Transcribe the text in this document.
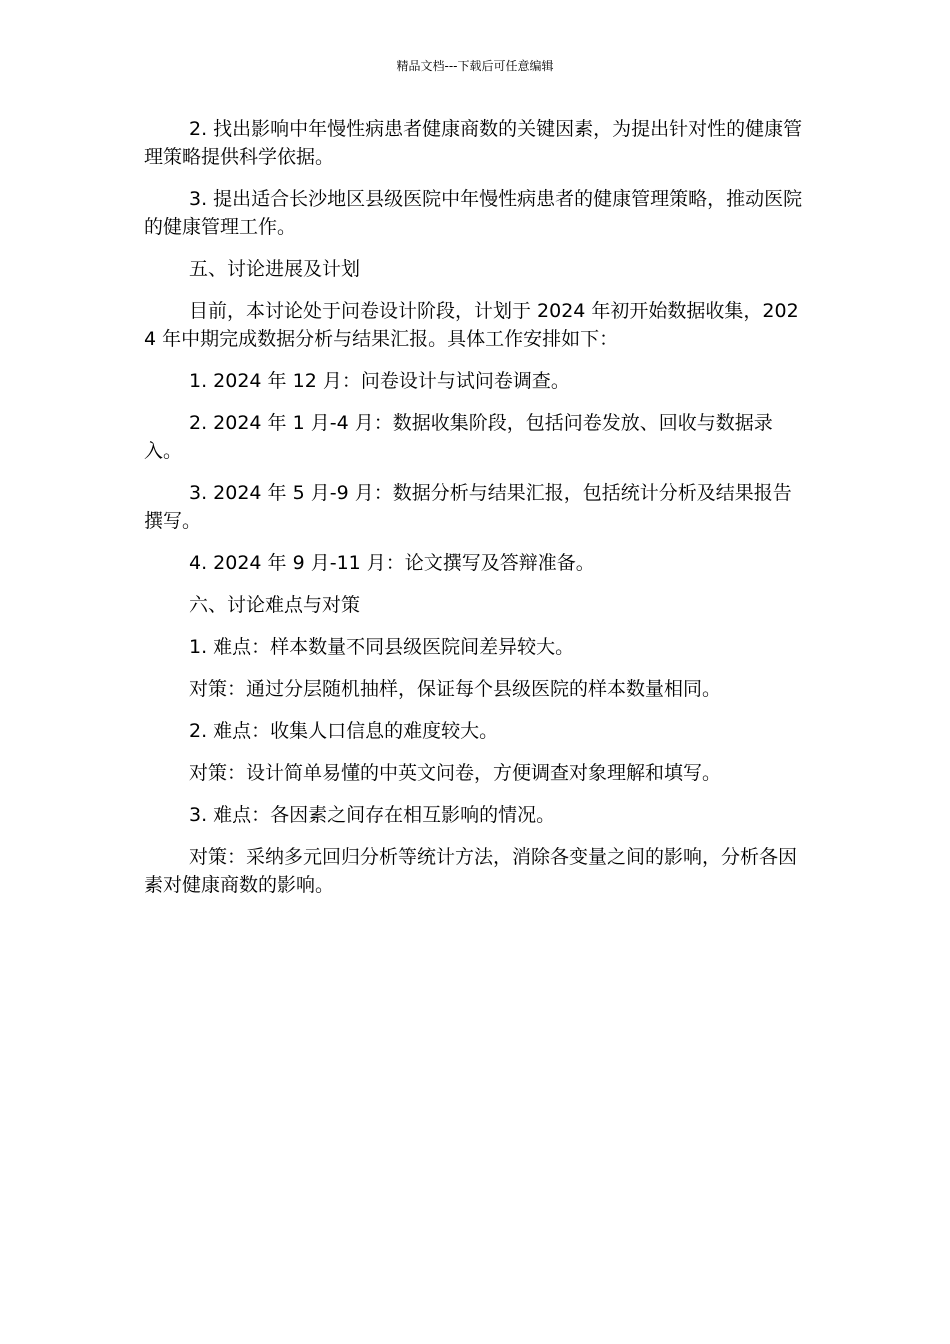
精品文档---下载后可任意编辑

2. 找出影响中年慢性病患者健康商数的关键因素，为提出针对性的健康管理策略提供科学依据。

3. 提出适合长沙地区县级医院中年慢性病患者的健康管理策略，推动医院的健康管理工作。

五、讨论进展及计划

目前，本讨论处于问卷设计阶段，计划于 2024 年初开始数据收集，2024 年中期完成数据分析与结果汇报。具体工作安排如下：

1. 2024 年 12 月：问卷设计与试问卷调查。

2. 2024 年 1 月-4 月：数据收集阶段，包括问卷发放、回收与数据录入。

3. 2024 年 5 月-9 月：数据分析与结果汇报，包括统计分析及结果报告撰写。

4. 2024 年 9 月-11 月：论文撰写及答辩准备。

六、讨论难点与对策

1. 难点：样本数量不同县级医院间差异较大。

对策：通过分层随机抽样，保证每个县级医院的样本数量相同。

2. 难点：收集人口信息的难度较大。

对策：设计简单易懂的中英文问卷，方便调查对象理解和填写。

3. 难点：各因素之间存在相互影响的情况。

对策：采纳多元回归分析等统计方法，消除各变量之间的影响，分析各因素对健康商数的影响。
